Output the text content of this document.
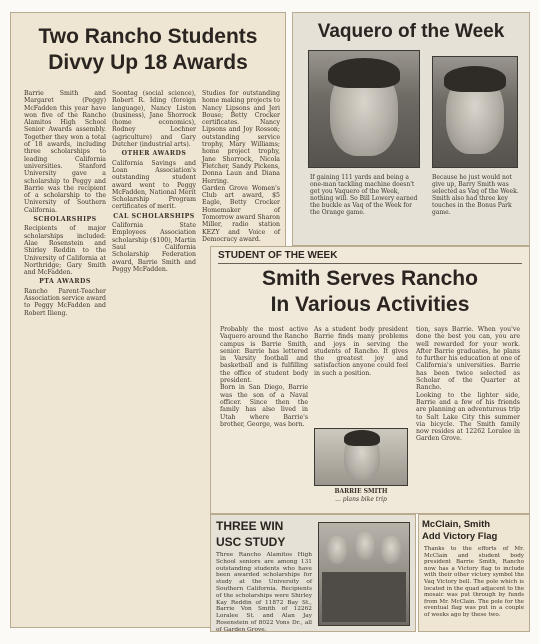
Two Rancho Students
Divvy Up 18 Awards
Barrie Smith and Margaret (Peggy) McFadden this year have won five of the Rancho Alamitos High School Senior Awards assembly. Together they won a total of 18 awards, including three scholarships to leading California universities. Stanford University gave a scholarship to Peggy and Barrie was the recipient of a scholarship to the University of Southern California.
SCHOLARSHIPS
Recipients of major scholarships included: Alae Rosenstein and Shirley Reddin to the University of California at Northridge; Gary Smith and McFadden.
PTA AWARDS
Rancho Parent-Teacher Association service award to Peggy McFadden and Robert Ilieng.
Soontag (social science), Robert R. Iding (foreign language), Nancy Liston (business), Jane Shorrock (home economics), Rodney Lochner (agriculture) and Gary Dutcher (industrial arts).
OTHER AWARDS
California Savings and Loan Association's outstanding student award went to Peggy McFadden, National Merit Scholarship Program certificates of merit.
CAL SCHOLARSHIPS
California State Employees Association scholarship ($100), Martin Saul California Scholarship Federation award, Barrie Smith and Peggy McFadden.
Studies for outstanding home making projects to Nancy Lipsons and Jeri Bouse; Betty Crocker certificates. Nancy Lipsons and Joy Rosson; outstanding service trophy, Mary Williams; home project trophy, Jane Shorrock, Nicola Fletcher, Sandy Pickens, Donna Laun and Diana Herring.
Garden Grove Women's Club art award, $5 Eagle, Betty Crocker Homemaker of Tomorrow award Sharon Miller, radio station KEZY and Voice of Democracy award.
Vaquero of the Week
If gaining 111 yards and being a one-man tackling machine doesn't get you Vaquero of the Week, nothing will. So Bill Lowery earned the buckle as Vaq of the Week for the Orange game.
Because he just would not give up, Barry Smith was selected as Vaq of the Week. Smith also had three key touches in the Bonus Park game.
STUDENT OF THE WEEK
Smith Serves Rancho
In Various Activities
Probably the most active Vaquero around the Rancho campus is Barrie Smith, senior. Barrie has lettered in Varsity football and basketball and is fulfilling the office of student body president.
Born in San Diego, Barrie was the son of a Naval officer. Since then the family has also lived in Utah where Barrie's brother, George, was born.
As a student body president Barrie finds many problems and joys in serving the students of Rancho. It gives the greatest joy and satisfaction anyone could feel in such a position.
BARRIE SMITH
... plans bike trip
tion, says Barrie. When you've done the best you can, you are well rewarded for your work. After Barrie graduates, he plans to further his education at one of California's universities. Barrie has been twice selected as Scholar of the Quarter at Rancho.
Looking to the lighter side, Barrie and a few of his friends are planning an adventurous trip to Salt Lake City this summer via bicycle. The Smith family now resides at 12262 Loralee in Garden Grove.
THREE WIN
USC STUDY
Three Rancho Alamitos High School seniors are among 131 outstanding students who have been awarded scholarships for study at the University of Southern California. Recipients of the scholarships were Shirley Kay Reddin of 11872 Bay St., Barrie Von Smith of 12262 Loralee St. and Alan Jay Rosenstein of 8022 Vons Dr., all of Garden Grove.
McClain, Smith
Add Victory Flag
Thanks to the efforts of Mr. McClain and student body president Barrie Smith, Rancho now has a Victory flag to include with their other victory symbol the Vaq Victory bell. The pole which is located in the quad adjacent to the mosaic was put through by funds from Mr. McClain. The pole for the eventual flag was put in a couple of weeks ago by these two.
